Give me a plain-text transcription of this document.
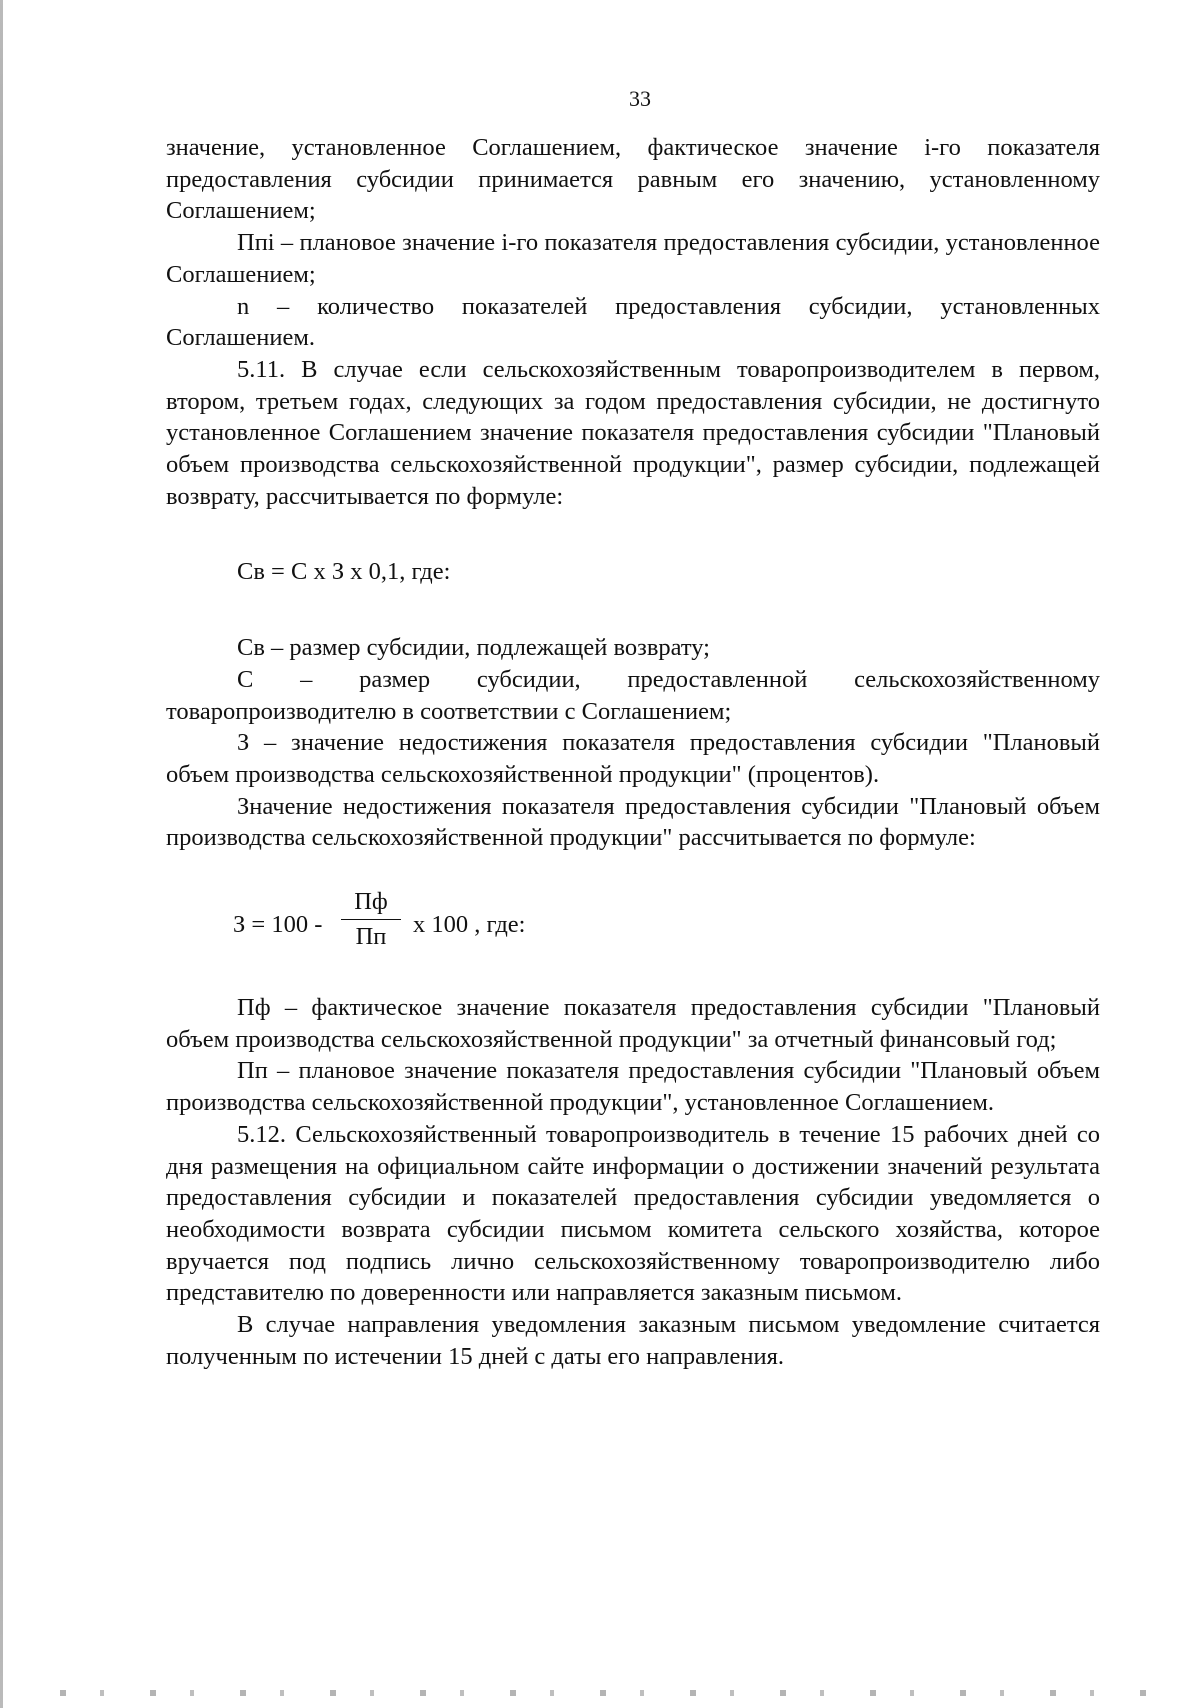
33

значение, установленное Соглашением, фактическое значение i-го показателя предоставления субсидии принимается равным его значению, установленному Соглашением;

Ппi – плановое значение i-го показателя предоставления субсидии, установленное Соглашением;

n – количество показателей предоставления субсидии, установленных Соглашением.

5.11. В случае если сельскохозяйственным товаропроизводителем в первом, втором, третьем годах, следующих за годом предоставления субсидии, не достигнуто установленное Соглашением значение показателя предоставления субсидии "Плановый объем производства сельскохозяйственной продукции", размер субсидии, подлежащей возврату, рассчитывается по формуле:

Св = С х З х 0,1, где:

Св – размер субсидии, подлежащей возврату;

С – размер субсидии, предоставленной сельскохозяйственному товаропроизводителю в соответствии с Соглашением;

З – значение недостижения показателя предоставления субсидии "Плановый объем производства сельскохозяйственной продукции" (процентов).

Значение недостижения показателя предоставления субсидии "Плановый объем производства сельскохозяйственной продукции" рассчитывается по формуле:

З = 100 -
Пф
Пп	х 100 , где:

Пф – фактическое значение показателя предоставления субсидии "Плановый объем производства сельскохозяйственной продукции" за отчетный финансовый год;

Пп – плановое значение показателя предоставления субсидии "Плановый объем производства сельскохозяйственной продукции", установленное Соглашением.

5.12. Сельскохозяйственный товаропроизводитель в течение 15 рабочих дней со дня размещения на официальном сайте информации о достижении значений результата предоставления субсидии и показателей предоставления субсидии уведомляется о необходимости возврата субсидии письмом комитета сельского хозяйства, которое вручается под подпись лично сельскохозяйственному товаропроизводителю либо представителю по доверенности или направляется заказным письмом.

В случае направления уведомления заказным письмом уведомление считается полученным по истечении 15 дней с даты его направления.
